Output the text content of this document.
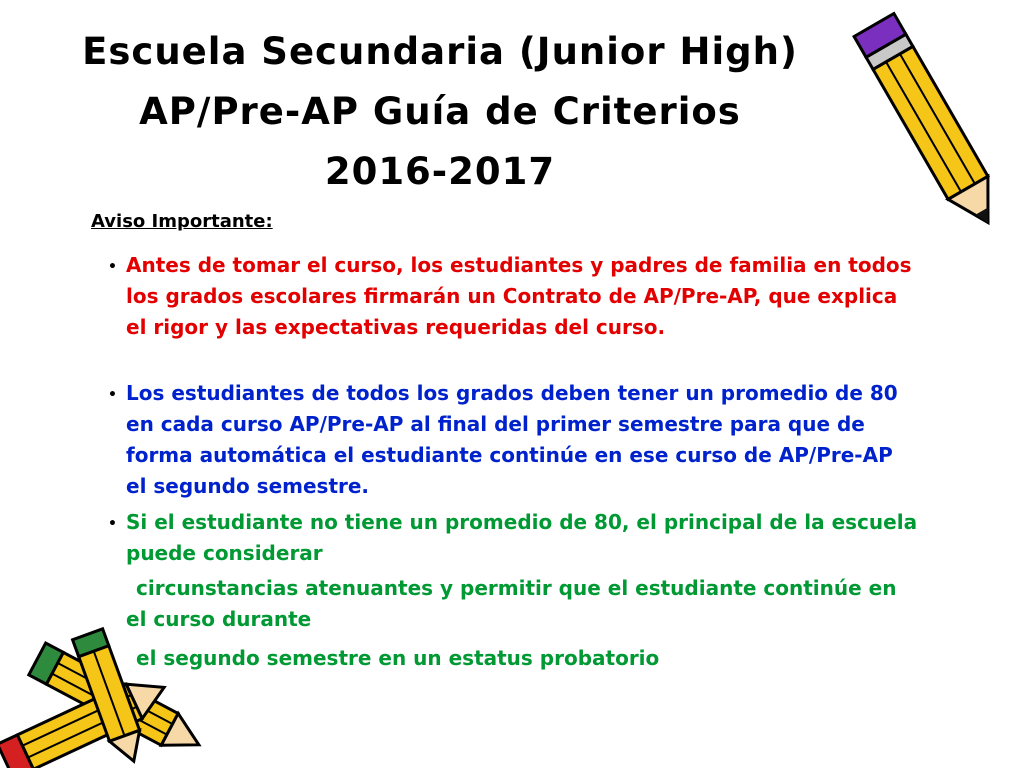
Escuela Secundaria (Junior High)
AP/Pre-AP Guía de Criterios
2016-2017

Aviso Importante:

• Antes de tomar el curso, los estudiantes y padres de familia en todos los grados escolares firmarán un Contrato de AP/Pre-AP, que explica el rigor y las expectativas requeridas del curso.
• Los estudiantes de todos los grados deben tener un promedio de 80 en cada curso AP/Pre-AP al final del primer semestre para que de forma automática el estudiante continúe en ese curso de AP/Pre-AP el segundo semestre.
• Si el estudiante no tiene un promedio de 80, el principal de la escuela puede considerar
circunstancias atenuantes y permitir que el estudiante continúe en el curso durante
el segundo semestre en un estatus probatorio
